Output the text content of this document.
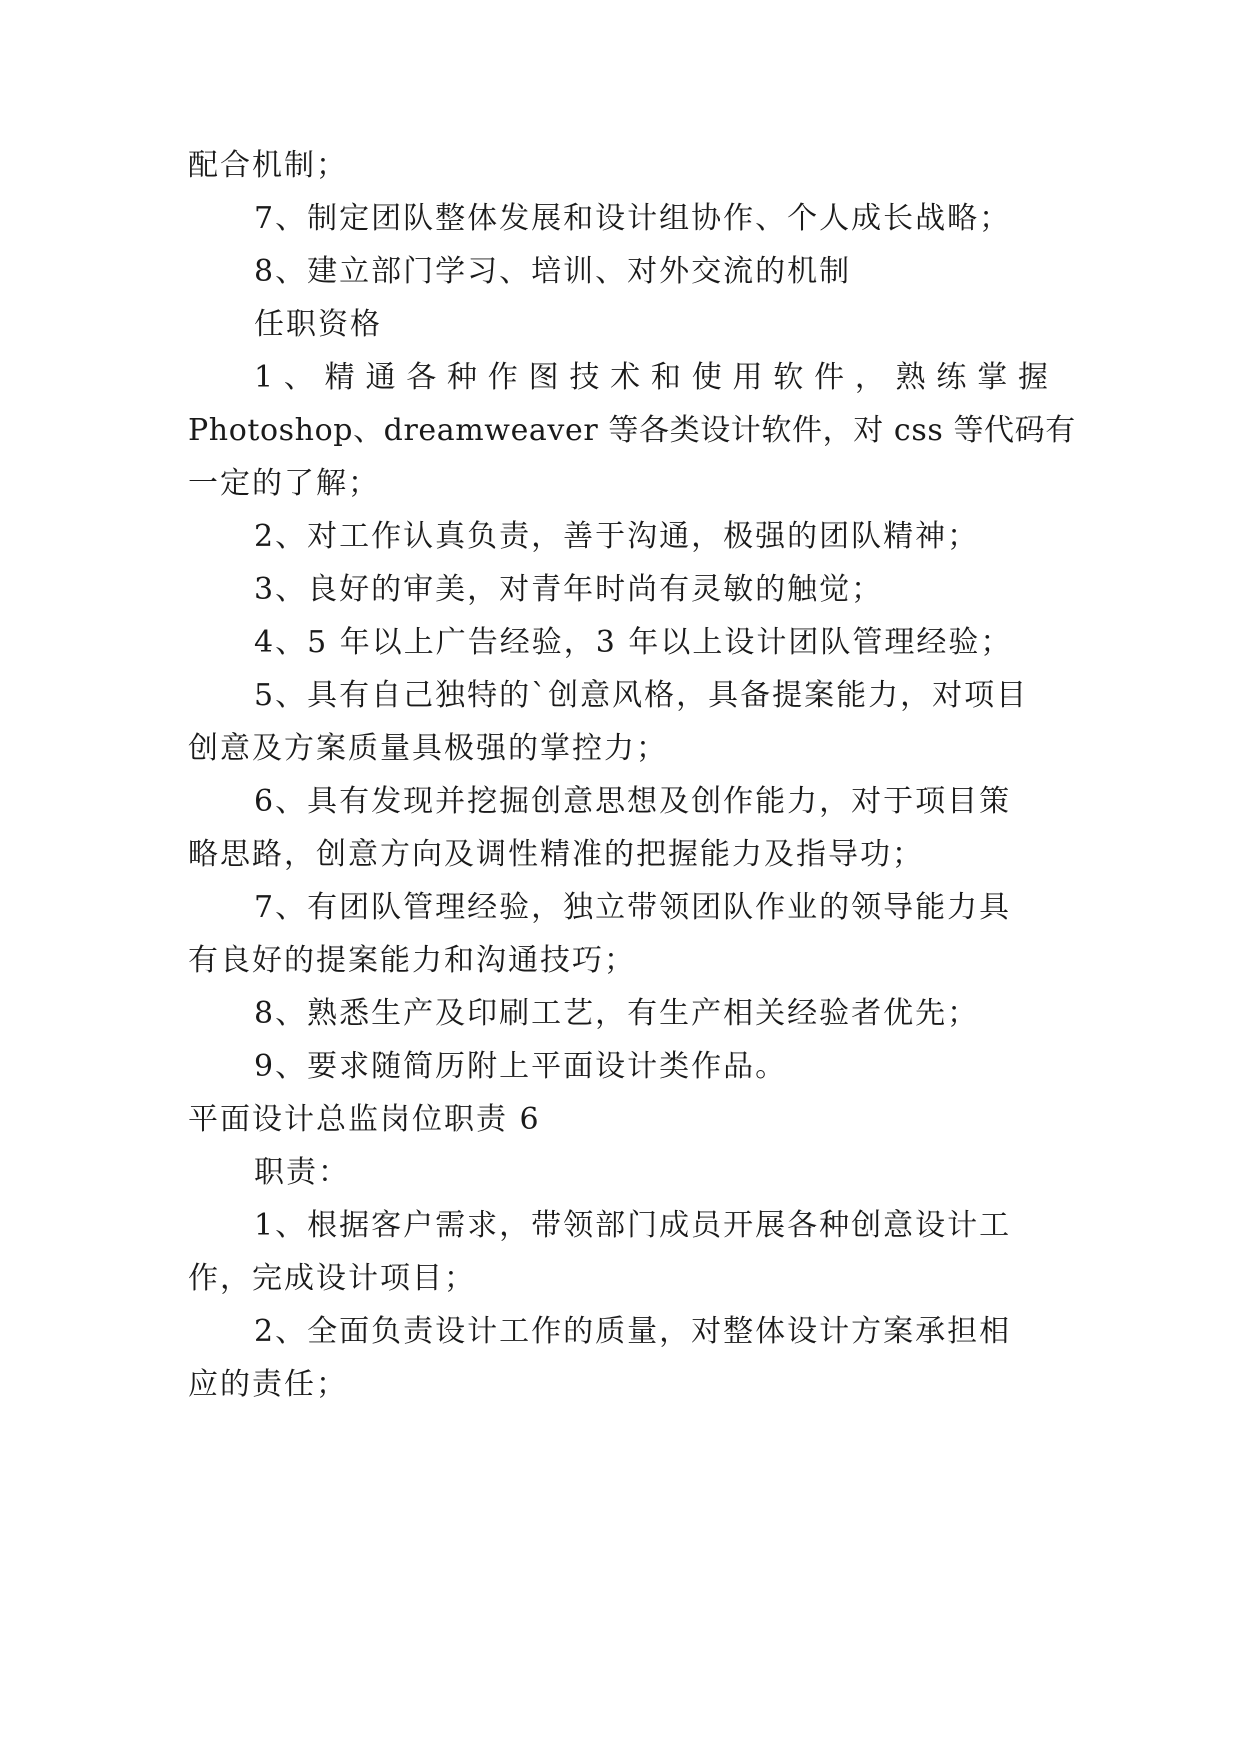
配合机制；
7、制定团队整体发展和设计组协作、个人成长战略；
8、建立部门学习、培训、对外交流的机制
任职资格
1、精通各种作图技术和使用软件，熟练掌握
Photoshop、dreamweaver 等各类设计软件，对 css 等代码有
一定的了解；
2、对工作认真负责，善于沟通，极强的团队精神；
3、良好的审美，对青年时尚有灵敏的触觉；
4、5 年以上广告经验，3 年以上设计团队管理经验；
5、具有自己独特的`创意风格，具备提案能力，对项目
创意及方案质量具极强的掌控力；
6、具有发现并挖掘创意思想及创作能力，对于项目策
略思路，创意方向及调性精准的把握能力及指导功；
7、有团队管理经验，独立带领团队作业的领导能力具
有良好的提案能力和沟通技巧；
8、熟悉生产及印刷工艺，有生产相关经验者优先；
9、要求随简历附上平面设计类作品。
平面设计总监岗位职责 6
职责：
1、根据客户需求，带领部门成员开展各种创意设计工
作，完成设计项目；
2、全面负责设计工作的质量，对整体设计方案承担相
应的责任；
